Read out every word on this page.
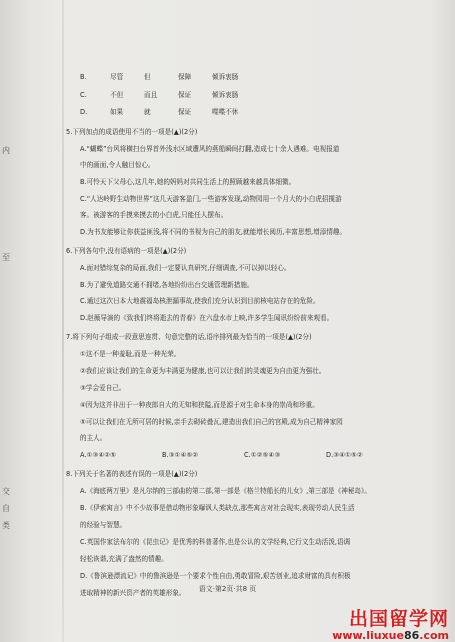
内
至
交
自
类
B.	尽管	但	保障	倾诉衷肠
C.	不但	而且	保证	倾诉衷肠
D.	如果	就	保证	喋喋不休
5.下列加点的成语使用不当的一项是(▲)(2分)
A.“蝴蝶”台风将横扫台界首外浅水区域遭风的燕船瞬间打翻,造成七十余人遇难。电视报道
中的画面,令人触目惊心。
B.可怜天下父母心,这几年,她的妈妈对共同生活上的照顾越来越具体细微。
C.“人达岭野生动物世界”这几天游客盈门,一些游客发现,动物园用一个月大的小白虎招揽游
客。被游客的手摸来摸去的小白虎,只能任人摆布。
D.为书友能够让你获益匪浅,将不同的书视为自己的朋友,就能增长阅历,丰富思想,增添情趣。
6.下列各句中,没有语病的一项是(▲)(2分)
A.面对错综复杂的局面,我们一定要认真研究,仔细调查,不可以掉以轻心。
B.为了避免道路交通不拥堵,各地纷纷出台交通管理新措施。
C.通过这次日本大地震福岛核泄漏事故,使我们充分认识到目前核电站存在的危险。
D.赵薇导演的《致我们终将逝去的青春》在六盘水市上映,许多学生闻讯纷纷前来观看。
7.将下列句子组成一段意思连贯、句意完整的话,语序排列最为恰当的一项是(▲)(2分)
①这不是一种羞耻,而是一种光荣。
②我们应该让我们的生命更为丰满更为健康,也可以让我们的灵魂更为自由更为强壮。
③学会爱自己。
④因为这并非出于一种夜郎自大的无知和狭隘,而是源于对生命本身的崇尚和珍重。
⑤可以让我们在无所可居的时候,亲手去砌砖叠瓦,建造出我们自己的宫殿,成为自己精神家园
的主人。
A.①③④②⑤	B.③①④⑤②	C.①②⑤④③	D.③④①⑤②
8.下列关于名著的表述有误的一项是(▲)(2分)
A.《海底两万里》是凡尔纳的三部曲的第二部,第一部是《格兰特船长的儿女》,第三部是《神秘岛》。
B.《伊索寓言》中不少故事是借动物形象曝讽人类缺点,那些寓言对社会现实,表现劳动人民生活
的经验与智慧。
C.英国作家法布尔的《昆虫记》是优秀的科普著作,也是公认的文学经典,它行文生动活泼,语调
轻松诙谐,充满了盎然的情趣。
D.《鲁滨逊漂流记》中的鲁滨逊是一个要求个性自由,勇敢冒险,艰苦创业,追求财富的具有积极
进取精神的新兴资产者的英雄形象。	语文·第2页·共8 页
出国留学网
www.liuxue86.com
